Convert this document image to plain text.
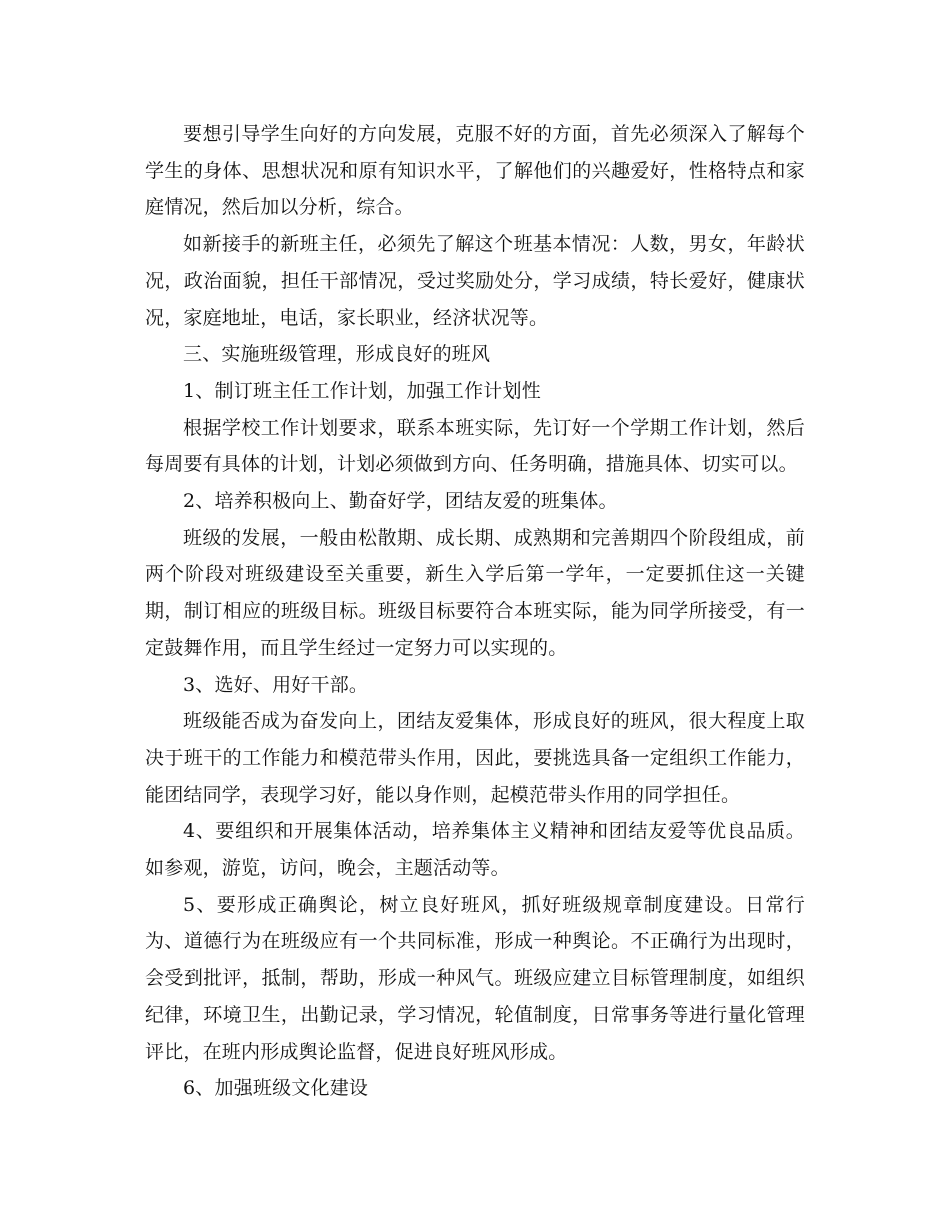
要想引导学生向好的方向发展，克服不好的方面，首先必须深入了解每个学生的身体、思想状况和原有知识水平，了解他们的兴趣爱好，性格特点和家庭情况，然后加以分析，综合。

如新接手的新班主任，必须先了解这个班基本情况：人数，男女，年龄状况，政治面貌，担任干部情况，受过奖励处分，学习成绩，特长爱好，健康状况，家庭地址，电话，家长职业，经济状况等。

三、实施班级管理，形成良好的班风

1、制订班主任工作计划，加强工作计划性

根据学校工作计划要求，联系本班实际，先订好一个学期工作计划，然后每周要有具体的计划，计划必须做到方向、任务明确，措施具体、切实可以。

2、培养积极向上、勤奋好学，团结友爱的班集体。

班级的发展，一般由松散期、成长期、成熟期和完善期四个阶段组成，前两个阶段对班级建设至关重要，新生入学后第一学年，一定要抓住这一关键期，制订相应的班级目标。班级目标要符合本班实际，能为同学所接受，有一定鼓舞作用，而且学生经过一定努力可以实现的。

3、选好、用好干部。

班级能否成为奋发向上，团结友爱集体，形成良好的班风，很大程度上取决于班干的工作能力和模范带头作用，因此，要挑选具备一定组织工作能力，能团结同学，表现学习好，能以身作则，起模范带头作用的同学担任。

4、要组织和开展集体活动，培养集体主义精神和团结友爱等优良品质。如参观，游览，访问，晚会，主题活动等。

5、要形成正确舆论，树立良好班风，抓好班级规章制度建设。日常行为、道德行为在班级应有一个共同标准，形成一种舆论。不正确行为出现时，会受到批评，抵制，帮助，形成一种风气。班级应建立目标管理制度，如组织纪律，环境卫生，出勤记录，学习情况，轮值制度，日常事务等进行量化管理评比，在班内形成舆论监督，促进良好班风形成。

6、加强班级文化建设
